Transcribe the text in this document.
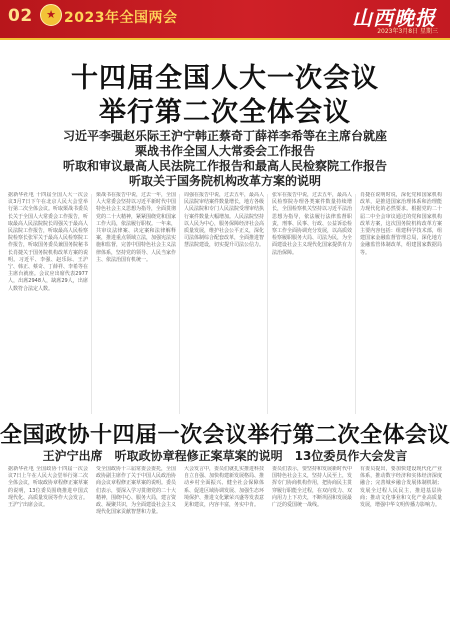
02	★ 2023年全国两会	山西晚报
2023年3月8日 星期三
十四届全国人大一次会议
举行第二次全体会议
习近平李强赵乐际王沪宁韩正蔡奇丁薛祥李希等在主席台就座
栗战书作全国人大常委会工作报告
听取和审议最高人民法院工作报告和最高人民检察院工作报告
听取关于国务院机构改革方案的说明
据新华社电 十四届全国人大一次会议3月7日下午在北京人民大会堂举行第二次全体会议。听取栗战书委员长关于全国人大常委会工作报告，听取最高人民法院院长周强关于最高人民法院工作报告，听取最高人民检察院检察长张军关于最高人民检察院工作报告，听取国务委员兼国务院秘书长肖捷关于国务院机构改革方案的说明。习近平、李强、赵乐际、王沪宁、韩正、蔡奇、丁薛祥、李希等在主席台就座。会议应出席代表2977人，出席2948人，缺席29人，出席人数符合法定人数。
栗战书在报告中说，过去一年，全国人大常委会坚持以习近平新时代中国特色社会主义思想为指导，全面贯彻党的二十大精神，紧紧围绕党和国家工作大局，依法履行职权。一年来，共审议法律案、决定案和法律解释案，推进重点领域立法，加强宪法实施和监督，完善中国特色社会主义法律体系，坚持党的领导、人民当家作主、依法治国有机统一。
周强在报告中说，过去五年，最高人民法院审结案件数量增长，地方各级人民法院和专门人民法院受理审结执行案件数量大幅增加。人民法院坚持以人民为中心，服务保障经济社会高质量发展，维护社会公平正义，深化司法体制综合配套改革，全面推进智慧法院建设，切实提升司法公信力。
张军在报告中说，过去五年，最高人民检察院办理各类案件数量持续增长，全国检察机关坚持以习近平法治思想为指导，依法履行法律监督职责，刑事、民事、行政、公益诉讼检察工作全面协调充分发展，以高质效检察履职服务大局、司法为民，为全面建设社会主义现代化国家提供有力法治保障。
肖捷在说明时说，深化党和国家机构改革，是推进国家治理体系和治理能力现代化的必然要求。根据党的二十届二中全会审议通过的党和国家机构改革方案，这次国务院机构改革方案主要内容包括：组建科学技术部，组建国家金融监督管理总局，深化地方金融监管体制改革，组建国家数据局等。
全国政协十四届一次会议举行第二次全体会议
王沪宁出席　听取政协章程修正案草案的说明　13位委员作大会发言
据新华社电 全国政协十四届一次会议7日上午在人民大会堂举行第二次全体会议，听取政协章程修正案草案的说明，13位委员围绕推进中国式现代化、高质量发展等作大会发言。王沪宁出席会议。
受全国政协十三届常委会委托，全国政协副主席作了关于中国人民政治协商会议章程修正案草案的说明。委员们表示，要深入学习贯彻党的二十大精神，围绕中心、服务大局，建言资政、凝聚共识，为全面建设社会主义现代化国家贡献智慧和力量。
大会发言中，委员们就扎实推进科技自立自强、加快构建新发展格局、推动乡村全面振兴、健全社会保障体系、促进区域协调发展、加强生态环境保护、推进文化繁荣兴盛等发表意见和建议，内容丰富，务实中肯。
委员们表示，要坚持和发展新时代中国特色社会主义，坚持人民至上，发挥专门协商机构作用，把协商民主贯穿履行职能全过程，在双向发力、双向用力上下功夫，不断巩固和发展最广泛的爱国统一战线。
有委员提出，要加快建设现代化产业体系，推动数字经济和实体经济深度融合；完善城乡融合发展体制机制；发展全过程人民民主，推进基层协商；推动文化事业和文化产业高质量发展，增强中华文明传播力影响力。
